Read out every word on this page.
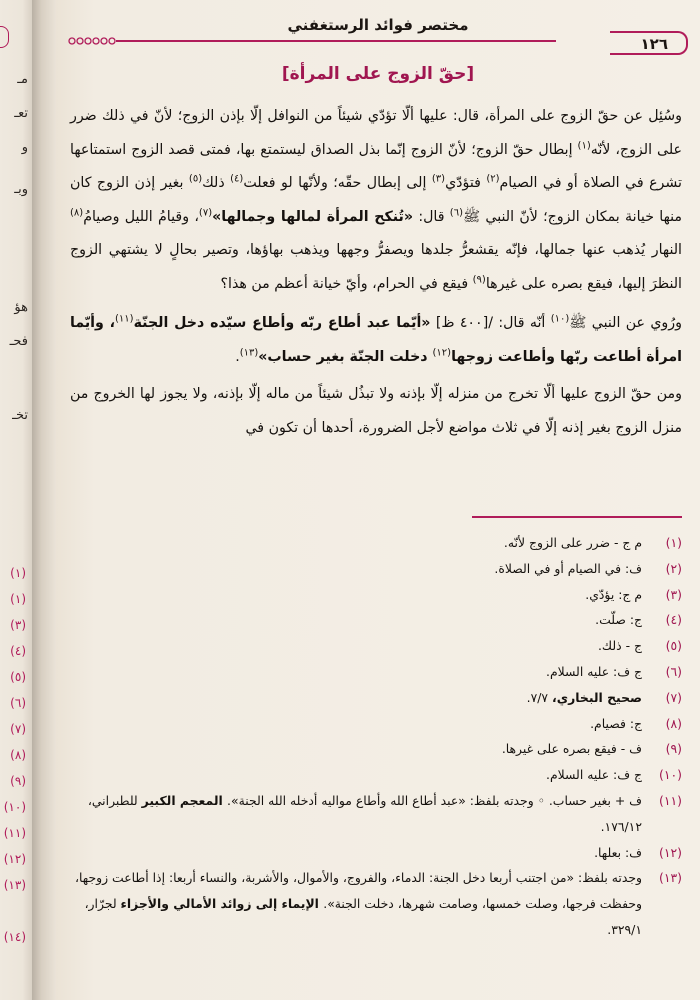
مـ
تعـ
و
وبـ
هؤ
فحـ
تخـ
(١)
(١)
(٣)
(٤)
(٥)
(٦)
(٧)
(٨)
(٩)
(١٠)
(١١)
(١٢)
(١٣)
(١٤)
مختصر فوائد الرستغفني
١٢٦
[حقّ الزوج على المرأة]

وسُئِل عن حقّ الزوج على المرأة، قال: عليها ألّا تؤدّي شيئاً من النوافل إلّا بإذن الزوج؛ لأنّ في ذلك ضرر على الزوج، لأنّه$^{(١)}$ إبطال حقّ الزوج؛ لأنّ الزوج إنّما بذل الصداق ليستمتع بها، فمتى قصد الزوج استمتاعها تشرع في الصلاة أو في الصيام$^{(٢)}$ فتؤدّي$^{(٣)}$ إلى إبطال حقّه؛ ولأنّها لو فعلت$^{(٤)}$ ذلك$^{(٥)}$ بغير إذن الزوج كان منها خيانة بمكان الزوج؛ لأنّ النبي ﷺ$^{(٦)}$ قال: «تُنكح المرأة لمالها وجمالها»$^{(٧)}$، وقيامُ الليل وصيامُ$^{(٨)}$ النهار يُذهب عنها جمالها، فإنّه يقشعرُّ جلدها ويصفرُّ وجهها ويذهب بهاؤها، وتصير بحالٍ لا يشتهي الزوج النظرَ إليها، فيقع بصره على غيرها$^{(٩)}$ فيقع في الحرام، وأيّ خيانة أعظم من هذا؟

ورُوي عن النبي ﷺ$^{(١٠)}$ أنّه قال: /[٤٠٠ ظ] «أيّما عبد أطاع ربّه وأطاع سيّده دخل الجنّة$^{(١١)}$، وأيّما امرأة أطاعت ربّها وأطاعت زوجها$^{(١٢)}$ دخلت الجنّة بغير حساب»$^{(١٣)}$.

ومن حقّ الزوج عليها ألّا تخرج من منزله إلّا بإذنه ولا تبذُل شيئاً من ماله إلّا بإذنه، ولا يجوز لها الخروج من منزل الزوج بغير إذنه إلّا في ثلاث مواضع لأجل الضرورة، أحدها أن تكون في

(١)
م ج - ضرر على الزوج لأنّه.
(٢)
ف: في الصيام أو في الصلاة.
(٣)
م ج: يؤدّي.
(٤)
ج: صلّت.
(٥)
ج - ذلك.
(٦)
ج ف: عليه السلام.
(٧)
صحيح البخاري، ٧/٧.
(٨)
ج: فصيام.
(٩)
ف - فيقع بصره على غيرها.
(١٠)
ج ف: عليه السلام.
(١١)
ف + بغير حساب. ◦ وجدته بلفظ: «عبد أطاع الله وأطاع مواليه أدخله الله الجنة». المعجم الكبير للطبراني، ١٧٦/١٢.
(١٢)
ف: بعلها.
(١٣)
وجدته بلفظ: «من اجتنب أربعا دخل الجنة: الدماء، والفروج، والأموال، والأشربة، والنساء أربعا: إذا أطاعت زوجها، وحفظت فرجها، وصلت خمسها، وصامت شهرها، دخلت الجنة». الإيماء إلى زوائد الأمالي والأجزاء لجرّار، ٣٢٩/١.
